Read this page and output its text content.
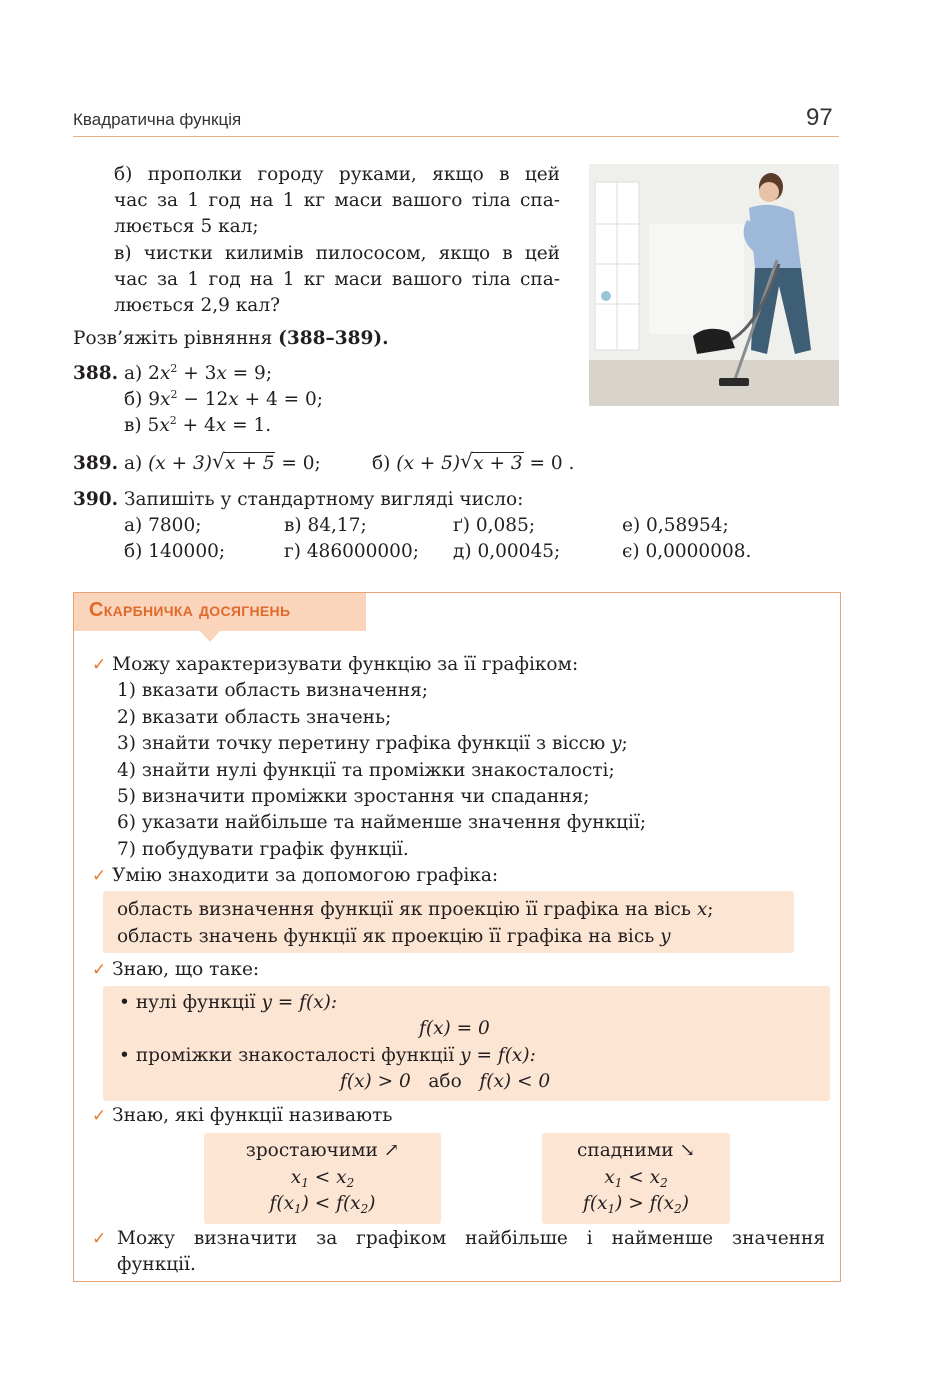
Квадратична функція	97
б) прополки городу руками, якщо в цей
час за 1 год на 1 кг маси вашого тіла спа-
люється 5 кал;
в) чистки килимів пилососом, якщо в цей
час за 1 год на 1 кг маси вашого тіла спа-
люється 2,9 кал?
Розв’яжіть рівняння (388–389).
388. а) $2x^2 + 3x = 9$;
б) $9x^2 - 12x + 4 = 0$;
в) $5x^2 + 4x = 1$.
389. а) (x + 3) √ x + 5 = 0;	б) (x + 5) √ x + 3 = 0 .
390. Запишіть у стандартному вигляді число:
а) 7800;	в) 84,17;	ґ) 0,085;	е) 0,58954;
б) 140000;	г) 486000000; д) 0,00045;	є) 0,0000008.
Скарбничка досягнень
✓ Можу характеризувати функцію за її графіком:
1) вказати область визначення;
2) вказати область значень;
3) знайти точку перетину графіка функції з віссю y;
4) знайти нулі функції та проміжки знакосталості;
5) визначити проміжки зростання чи спадання;
6) указати найбільше та найменше значення функції;
7) побудувати графік функції.
✓ Умію знаходити за допомогою графіка:
область визначення функції як проекцію її графіка на вісь x;
область значень функції як проекцію її графіка на вісь y
✓ Знаю, що таке:
• нулі функції y = f(x):
f(x) = 0
• проміжки знакосталості функції y = f(x):
f(x) > 0 або f(x) < 0
✓ Знаю, які функції називають
зростаючими ↗
$x_1 < x_2$
$f(x_1) < f(x_2)$
спадними ↘
$x_1 < x_2$
$f(x_1) > f(x_2)$
✓ Можу визначити за графіком найбільше і найменше значення
функції.
